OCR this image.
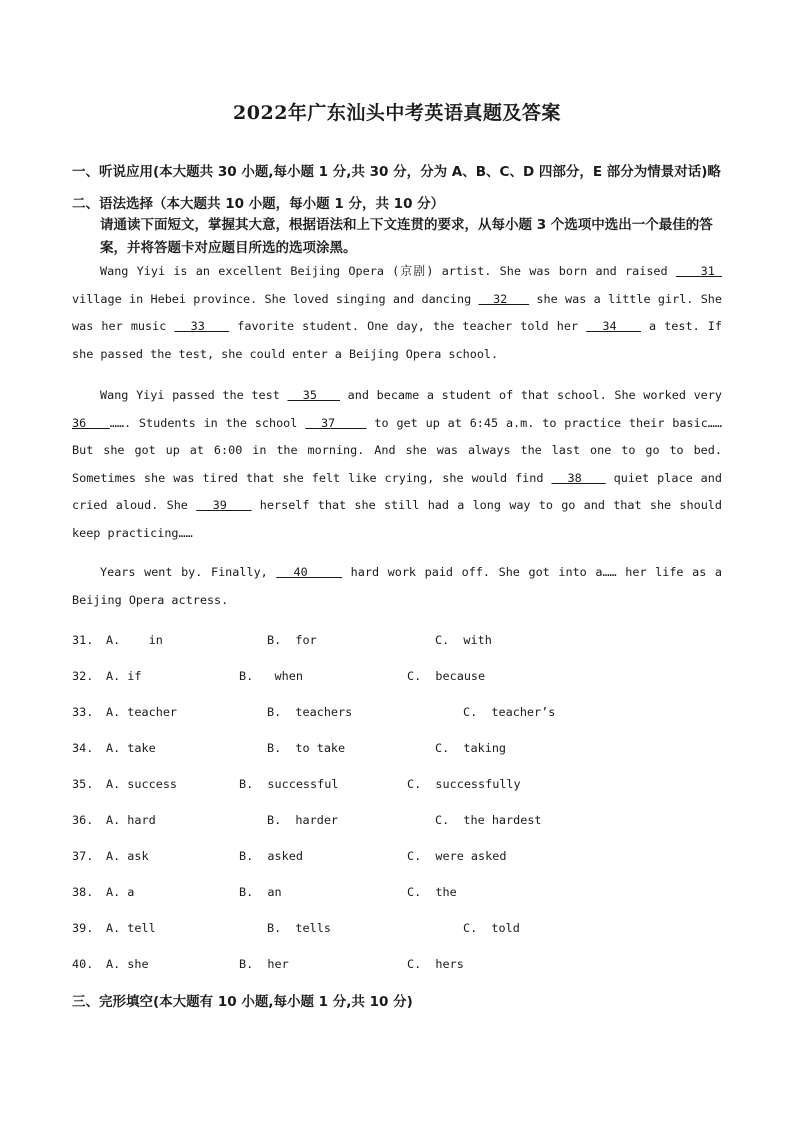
2022年广东汕头中考英语真题及答案
一、听说应用(本大题共 30 小题,每小题 1 分,共 30 分，分为 A、B、C、D 四部分，E 部分为情景对话)略
二、语法选择（本大题共 10 小题，每小题 1 分，共 10 分）
请通读下面短文，掌握其大意，根据语法和上下文连贯的要求，从每小题 3 个选项中选出一个最佳的答案，并将答题卡对应题目所选的选项涂黑。
Wang Yiyi is an excellent Beijing Opera (京剧) artist. She was born and raised    31  village in Hebei province. She loved singing and dancing   32    she was a little girl. She was her music   33    favorite student. One day, the teacher told her   34    a test. If she passed the test, she could enter a Beijing Opera school.
Wang Yiyi passed the test   35    and became a student of that school. She worked very 36   ……. Students in the school   37     to get up at 6:45 a.m. to practice their basic……But she got up at 6:00 in the morning. And she was always the last one to go to bed. Sometimes she was tired that she felt like crying, she would find   38    quiet place and cried aloud. She   39    herself that she still had a long way to go and that she should keep practicing……
Years went by. Finally,   40     hard work paid off. She got into a…… her life as a Beijing Opera actress.
31. A.    in	B.  for	C.  with
32. A. if	B.   when	C.  because
33. A. teacher	B.  teachers	C.  teacher’s
34. A. take	B.  to take	C.  taking
35. A. success	B.  successful	C.  successfully
36. A. hard	B.  harder	C.  the hardest
37. A. ask	B.  asked	C.  were asked
38. A. a	B.  an	C.  the
39. A. tell	B.  tells	C.  told
40. A. she	B.  her	C.  hers
三、完形填空(本大题有 10 小题,每小题 1 分,共 10 分)
